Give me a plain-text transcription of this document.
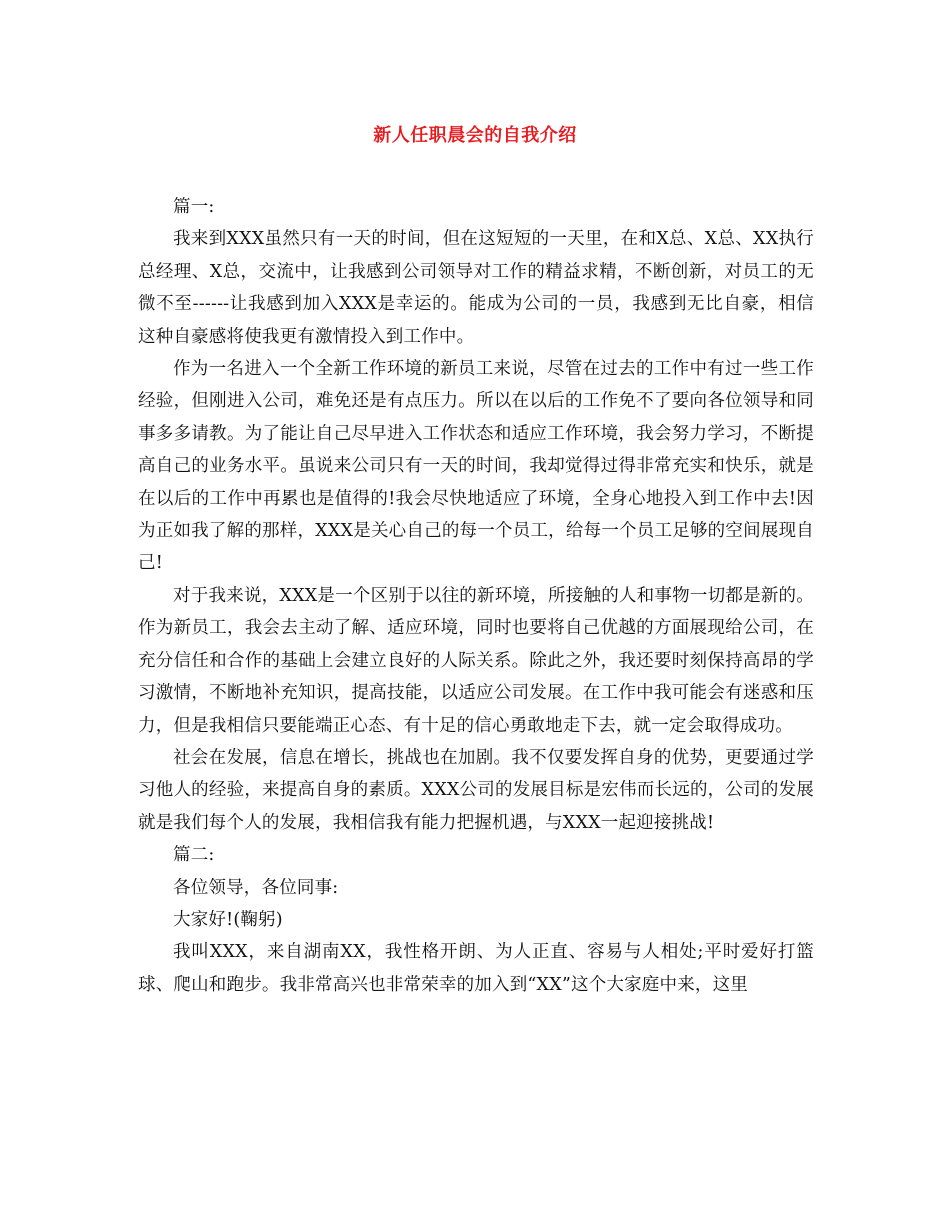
新人任职晨会的自我介绍

篇一:

我来到XXX虽然只有一天的时间，但在这短短的一天里，在和X总、X总、XX执行总经理、X总，交流中，让我感到公司领导对工作的精益求精，不断创新，对员工的无微不至------让我感到加入XXX是幸运的。能成为公司的一员，我感到无比自豪，相信这种自豪感将使我更有激情投入到工作中。

作为一名进入一个全新工作环境的新员工来说，尽管在过去的工作中有过一些工作经验，但刚进入公司，难免还是有点压力。所以在以后的工作免不了要向各位领导和同事多多请教。为了能让自己尽早进入工作状态和适应工作环境，我会努力学习，不断提高自己的业务水平。虽说来公司只有一天的时间，我却觉得过得非常充实和快乐，就是在以后的工作中再累也是值得的!我会尽快地适应了环境，全身心地投入到工作中去!因为正如我了解的那样，XXX是关心自己的每一个员工，给每一个员工足够的空间展现自己!

对于我来说，XXX是一个区别于以往的新环境，所接触的人和事物一切都是新的。作为新员工，我会去主动了解、适应环境，同时也要将自己优越的方面展现给公司，在充分信任和合作的基础上会建立良好的人际关系。除此之外，我还要时刻保持高昂的学习激情，不断地补充知识，提高技能，以适应公司发展。在工作中我可能会有迷惑和压力，但是我相信只要能端正心态、有十足的信心勇敢地走下去，就一定会取得成功。

社会在发展，信息在增长，挑战也在加剧。我不仅要发挥自身的优势，更要通过学习他人的经验，来提高自身的素质。XXX公司的发展目标是宏伟而长远的，公司的发展就是我们每个人的发展，我相信我有能力把握机遇，与XXX一起迎接挑战!

篇二:

各位领导，各位同事:

大家好!(鞠躬)

我叫XXX，来自湖南XX，我性格开朗、为人正直、容易与人相处;平时爱好打篮球、爬山和跑步。我非常高兴也非常荣幸的加入到“XX”这个大家庭中来，这里
